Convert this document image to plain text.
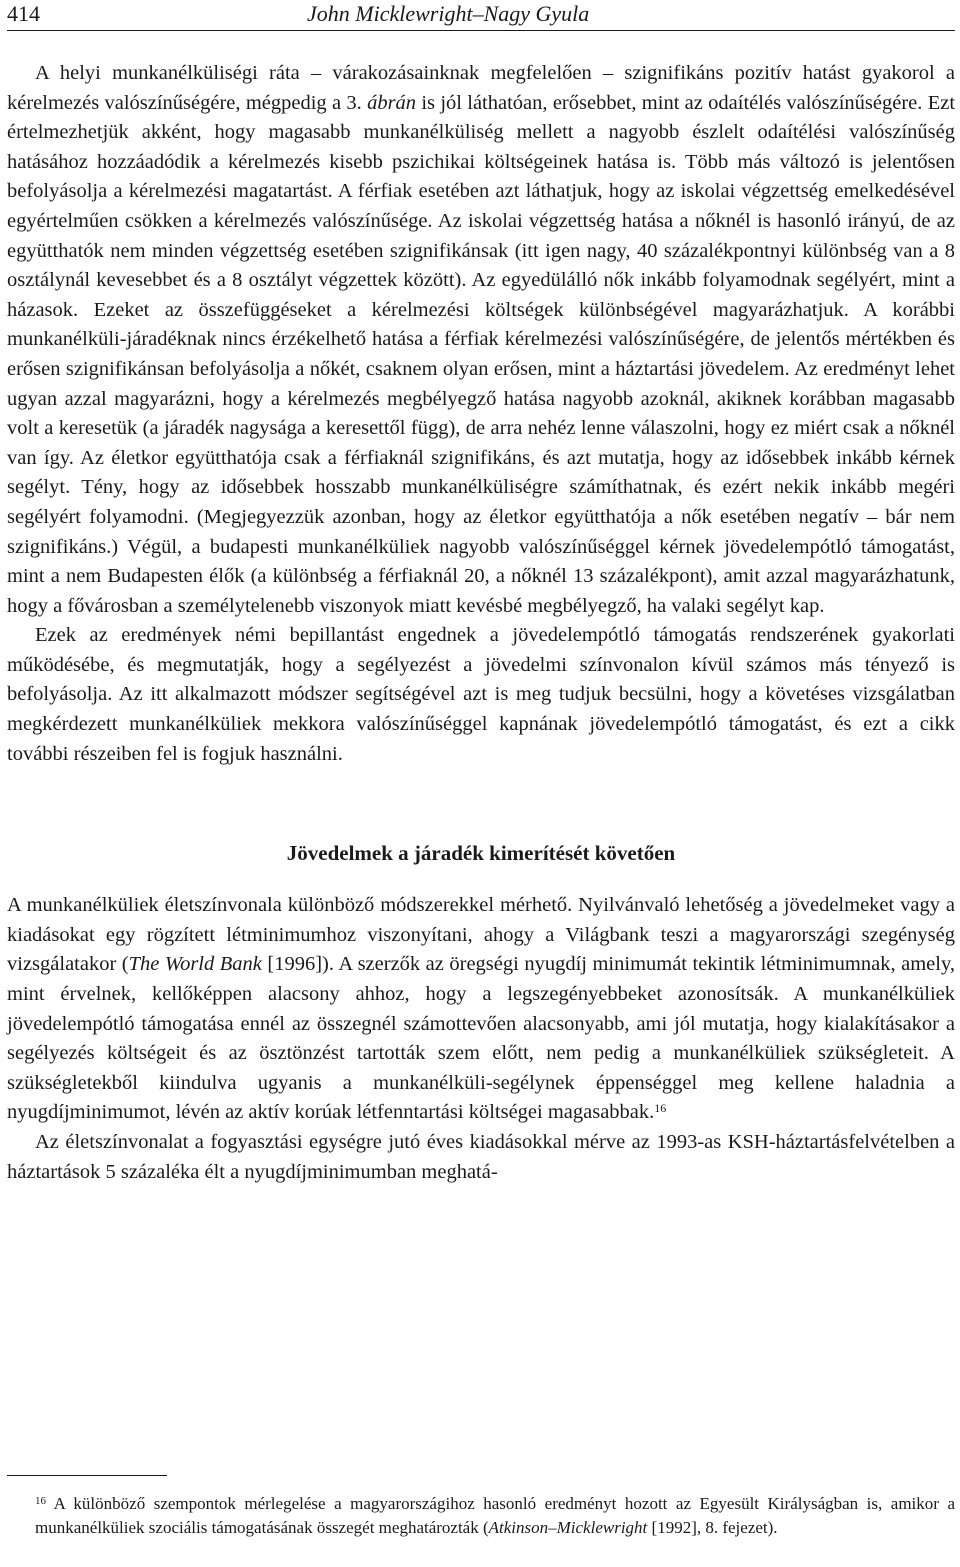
414	John Micklewright–Nagy Gyula

A helyi munkanélküliségi ráta – várakozásainknak megfelelően – szignifikáns pozitív hatást gyakorol a kérelmezés valószínűségére, mégpedig a 3. ábrán is jól láthatóan, erősebbet, mint az odaítélés valószínűségére. Ezt értelmezhetjük akként, hogy magasabb munkanélküliség mellett a nagyobb észlelt odaítélési valószínűség hatásához hozzáadódik a kérelmezés kisebb pszichikai költségeinek hatása is. Több más változó is jelentősen befolyásolja a kérelmezési magatartást. A férfiak esetében azt láthatjuk, hogy az iskolai végzettség emelkedésével egyértelműen csökken a kérelmezés valószínűsége. Az iskolai végzettség hatása a nőknél is hasonló irányú, de az együtthatók nem minden végzettség esetében szignifikánsak (itt igen nagy, 40 százalékpontnyi különbség van a 8 osztálynál kevesebbet és a 8 osztályt végzettek között). Az egyedülálló nők inkább folyamodnak segélyért, mint a házasok. Ezeket az összefüggéseket a kérelmezési költségek különbségével magyarázhatjuk. A korábbi munkanélküli-járadéknak nincs érzékelhető hatása a férfiak kérelmezési valószínűségére, de jelentős mértékben és erősen szignifikánsan befolyásolja a nőkét, csaknem olyan erősen, mint a háztartási jövedelem. Az eredményt lehet ugyan azzal magyarázni, hogy a kérelmezés megbélyegző hatása nagyobb azoknál, akiknek korábban magasabb volt a keresetük (a járadék nagysága a keresettől függ), de arra nehéz lenne válaszolni, hogy ez miért csak a nőknél van így. Az életkor együtthatója csak a férfiaknál szignifikáns, és azt mutatja, hogy az idősebbek inkább kérnek segélyt. Tény, hogy az idősebbek hosszabb munkanélküliségre számíthatnak, és ezért nekik inkább megéri segélyért folyamodni. (Megjegyezzük azonban, hogy az életkor együtthatója a nők esetében negatív – bár nem szignifikáns.) Végül, a budapesti munkanélküliek nagyobb valószínűséggel kérnek jövedelempótló támogatást, mint a nem Budapesten élők (a különbség a férfiaknál 20, a nőknél 13 százalékpont), amit azzal magyarázhatunk, hogy a fővárosban a személytelenebb viszonyok miatt kevésbé megbélyegző, ha valaki segélyt kap.

Ezek az eredmények némi bepillantást engednek a jövedelempótló támogatás rendszerének gyakorlati működésébe, és megmutatják, hogy a segélyezést a jövedelmi színvonalon kívül számos más tényező is befolyásolja. Az itt alkalmazott módszer segítségével azt is meg tudjuk becsülni, hogy a követéses vizsgálatban megkérdezett munkanélküliek mekkora valószínűséggel kapnának jövedelempótló támogatást, és ezt a cikk további részeiben fel is fogjuk használni.

Jövedelmek a járadék kimerítését követően

A munkanélküliek életszínvonala különböző módszerekkel mérhető. Nyilvánvaló lehetőség a jövedelmeket vagy a kiadásokat egy rögzített létminimumhoz viszonyítani, ahogy a Világbank teszi a magyarországi szegénység vizsgálatakor (The World Bank [1996]). A szerzők az öregségi nyugdíj minimumát tekintik létminimumnak, amely, mint érvelnek, kellőképpen alacsony ahhoz, hogy a legszegényebbeket azonosítsák. A munkanélküliek jövedelempótló támogatása ennél az összegnél számottevően alacsonyabb, ami jól mutatja, hogy kialakításakor a segélyezés költségeit és az ösztönzést tartották szem előtt, nem pedig a munkanélküliek szükségleteit. A szükségletekből kiindulva ugyanis a munkanélküli-segélynek éppenséggel meg kellene haladnia a nyugdíjminimumot, lévén az aktív korúak létfenntartási költségei magasabbak.$^{16}$

Az életszínvonalat a fogyasztási egységre jutó éves kiadásokkal mérve az 1993-as KSH-háztartásfelvételben a háztartások 5 százaléka élt a nyugdíjminimumban meghatá-

$^{16}$ A különböző szempontok mérlegelése a magyarországihoz hasonló eredményt hozott az Egyesült Királyságban is, amikor a munkanélküliek szociális támogatásának összegét meghatározták (Atkinson–Micklewright [1992], 8. fejezet).
